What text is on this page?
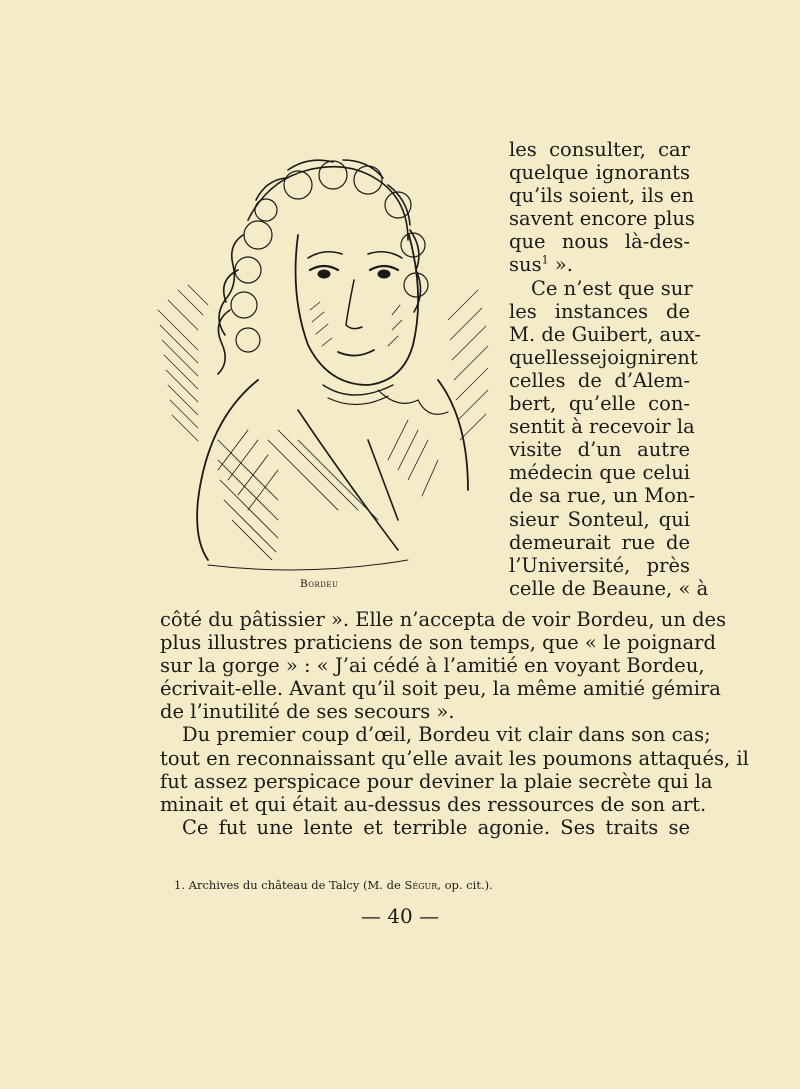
Bordeu
les consulter, car
quelque ignorants
qu’ils soient, ils en
savent encore plus
que nous là-des-
sus$^1$ ».
Ce n’est que sur
les instances de
M. de Guibert, aux-
quellessejoignirent
celles de d’Alem-
bert, qu’elle con-
sentit à recevoir la
visite d’un autre
médecin que celui
de sa rue, un Mon-
sieur Sonteul, qui
demeurait rue de
l’Université, près
celle de Beaune, « à
côté du pâtissier ». Elle n’accepta de voir Bordeu, un des
plus illustres praticiens de son temps, que « le poignard
sur la gorge » : « J’ai cédé à l’amitié en voyant Bordeu,
écrivait-elle. Avant qu’il soit peu, la même amitié gémira
de l’inutilité de ses secours ».
Du premier coup d’œil, Bordeu vit clair dans son cas;
tout en reconnaissant qu’elle avait les poumons attaqués, il
fut assez perspicace pour deviner la plaie secrète qui la
minait et qui était au-dessus des ressources de son art.
Ce fut une lente et terrible agonie. Ses traits se
1. Archives du château de Talcy (M. de Ségur, op. cit.).
— 40 —
